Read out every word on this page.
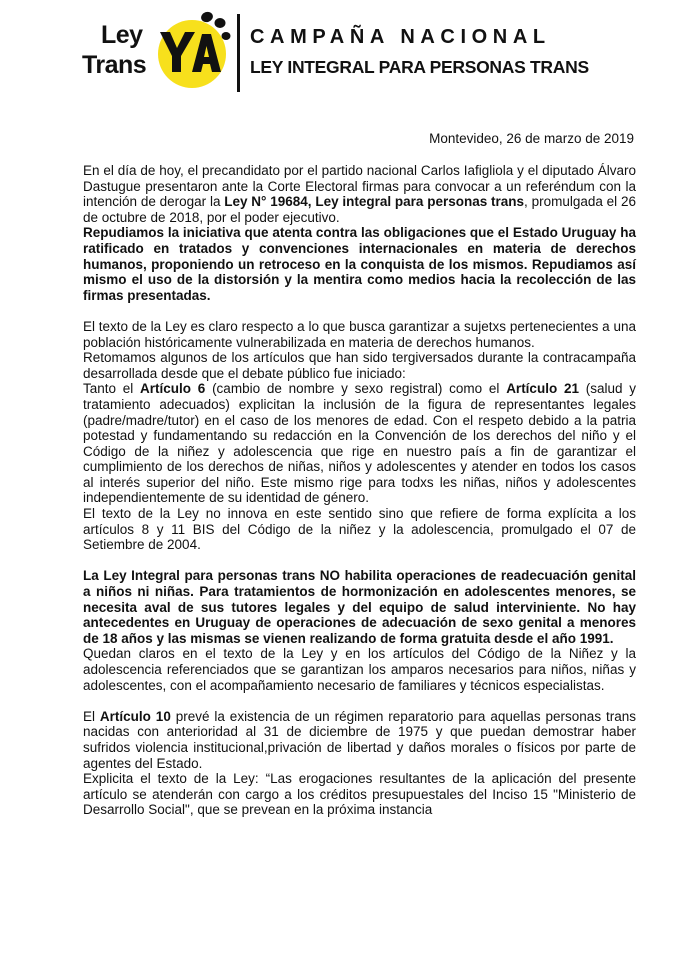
Ley
Trans
CAMPAÑA NACIONAL
LEY INTEGRAL PARA PERSONAS TRANS
Montevideo, 26 de marzo de 2019

En el día de hoy, el precandidato por el partido nacional Carlos Iafigliola y el diputado Álvaro Dastugue presentaron ante la Corte Electoral firmas para convocar a un referéndum con la intención de derogar la Ley N° 19684, Ley integral para personas trans, promulgada el 26 de octubre de 2018, por el poder ejecutivo.

Repudiamos la iniciativa que atenta contra las obligaciones que el Estado Uruguay ha ratificado en tratados y convenciones internacionales en materia de derechos humanos, proponiendo un retroceso en la conquista de los mismos. Repudiamos así mismo el uso de la distorsión y la mentira como medios hacia la recolección de las firmas presentadas.

El texto de la Ley es claro respecto a lo que busca garantizar a sujetxs pertenecientes a una población históricamente vulnerabilizada en materia de derechos humanos.

Retomamos algunos de los artículos que han sido tergiversados durante la contracampaña desarrollada desde que el debate público fue iniciado:

Tanto el Artículo 6 (cambio de nombre y sexo registral) como el Artículo 21 (salud y tratamiento adecuados) explicitan la inclusión de la figura de representantes legales (padre/madre/tutor) en el caso de los menores de edad. Con el respeto debido a la patria potestad y fundamentando su redacción en la Convención de los derechos del niño y el Código de la niñez y adolescencia que rige en nuestro país a fin de garantizar el cumplimiento de los derechos de niñas, niños y adolescentes y atender en todos los casos al interés superior del niño. Este mismo rige para todxs les niñas, niños y adolescentes independientemente de su identidad de género.

El texto de la Ley no innova en este sentido sino que refiere de forma explícita a los artículos 8 y 11 BIS del Código de la niñez y la adolescencia, promulgado el 07 de Setiembre de 2004.

La Ley Integral para personas trans NO habilita operaciones de readecuación genital a niños ni niñas. Para tratamientos de hormonización en adolescentes menores, se necesita aval de sus tutores legales y del equipo de salud interviniente. No hay antecedentes en Uruguay de operaciones de adecuación de sexo genital a menores de 18 años y las mismas se vienen realizando de forma gratuita desde el año 1991.

Quedan claros en el texto de la Ley y en los artículos del Código de la Niñez y la adolescencia referenciados que se garantizan los amparos necesarios para niños, niñas y adolescentes, con el acompañamiento necesario de familiares y técnicos especialistas.

El Artículo 10 prevé la existencia de un régimen reparatorio para aquellas personas trans nacidas con anterioridad al 31 de diciembre de 1975 y que puedan demostrar haber sufridos violencia institucional,privación de libertad y daños morales o físicos por parte de agentes del Estado.

Explicita el texto de la Ley: “Las erogaciones resultantes de la aplicación del presente artículo se atenderán con cargo a los créditos presupuestales del Inciso 15 "Ministerio de Desarrollo Social", que se prevean en la próxima instancia
